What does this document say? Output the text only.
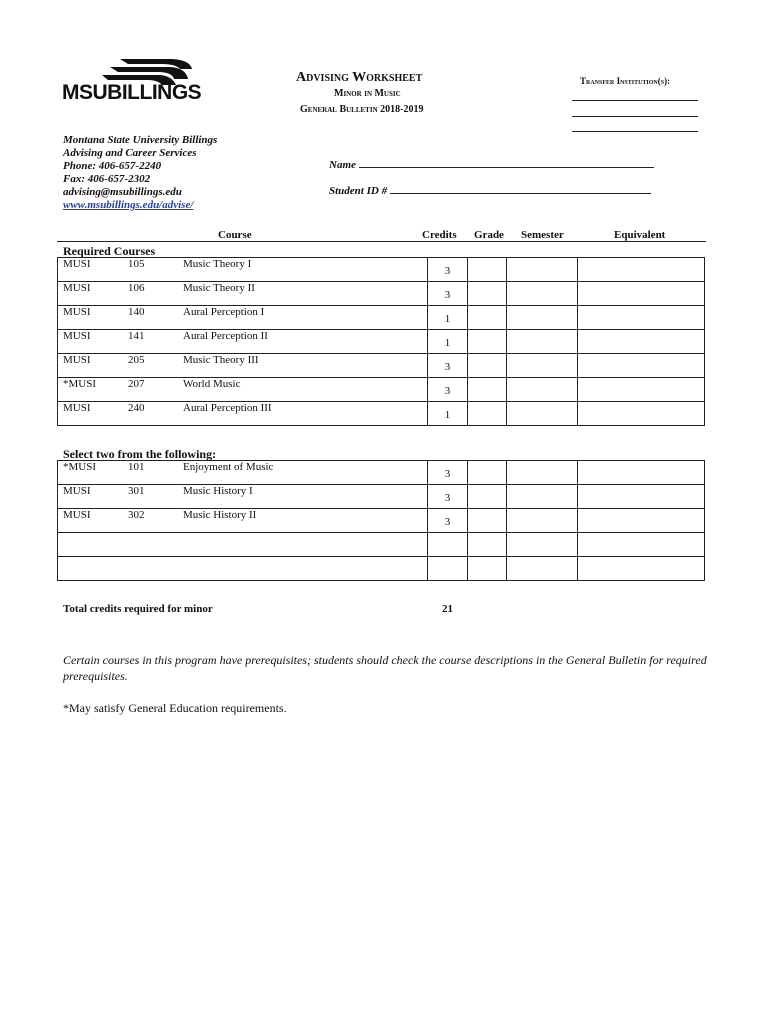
MSUBILLINGS
Advising Worksheet
Minor in Music
General Bulletin 2018-2019
Transfer Institution(s):
Montana State University Billings
Advising and Career Services
Phone: 406-657-2240
Fax: 406-657-2302
advising@msubillings.edu
www.msubillings.edu/advise/
Name
Student ID #
Course	Credits Grade Semester	Equivalent
Required Courses
MUSI 105 Music Theory I	3			

MUSI 106 Music Theory II	3			

MUSI 140 Aural Perception I	1			

MUSI 141 Aural Perception II	1			

MUSI 205 Music Theory III	3			

*MUSI 207 World Music	3			

MUSI 240 Aural Perception III	1			
Select two from the following:
*MUSI 101 Enjoyment of Music	3			

MUSI 301 Music History I	3			

MUSI 302 Music History II	3			

Total credits required for minor	21
Certain courses in this program have prerequisites; students should check the course descriptions in the General Bulletin for required prerequisites.
*May satisfy General Education requirements.
